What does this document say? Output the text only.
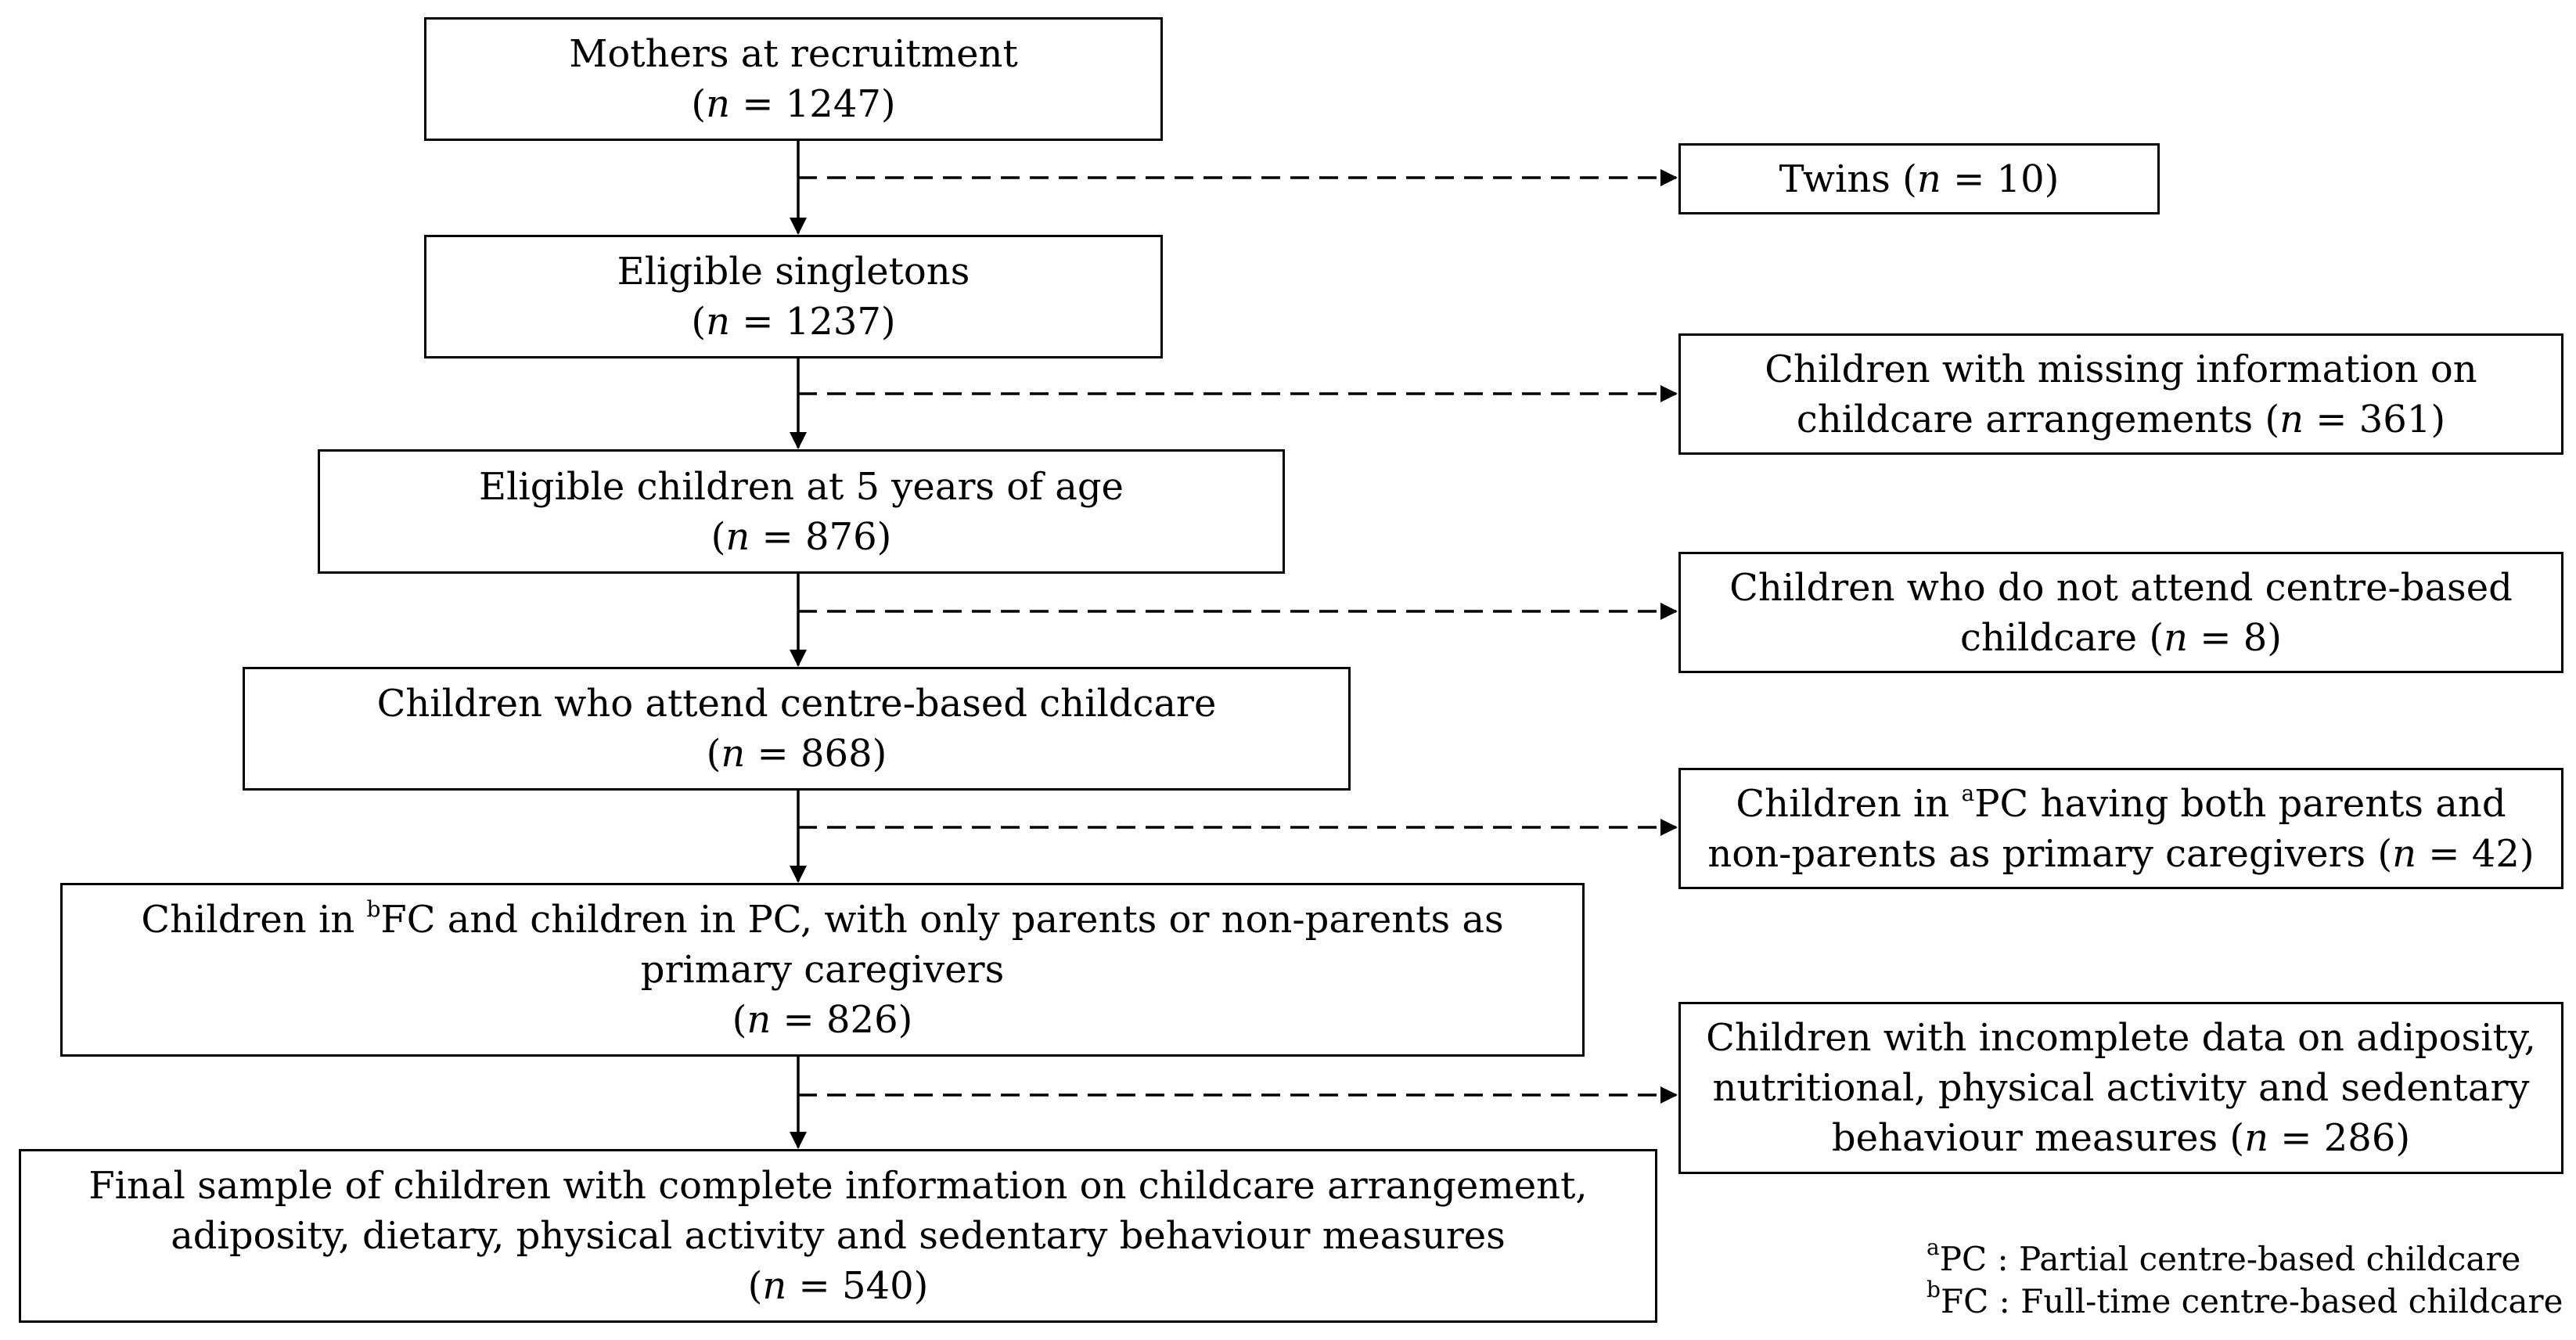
Mothers at recruitment
(n = 1247)
Eligible singletons
(n = 1237)
Eligible children at 5 years of age
(n = 876)
Children who attend centre-based childcare
(n = 868)
Children in $^b$FC and children in PC, with only parents or non-parents as
primary caregivers
(n = 826)
Final sample of children with complete information on childcare arrangement,
adiposity, dietary, physical activity and sedentary behaviour measures
(n = 540)
Twins (n = 10)
Children with missing information on
childcare arrangements (n = 361)
Children who do not attend centre-based
childcare (n = 8)
Children in $^a$PC having both parents and
non-parents as primary caregivers (n = 42)
Children with incomplete data on adiposity,
nutritional, physical activity and sedentary
behaviour measures (n = 286)
$^a$PC : Partial centre-based childcare
$^b$FC : Full-time centre-based childcare
